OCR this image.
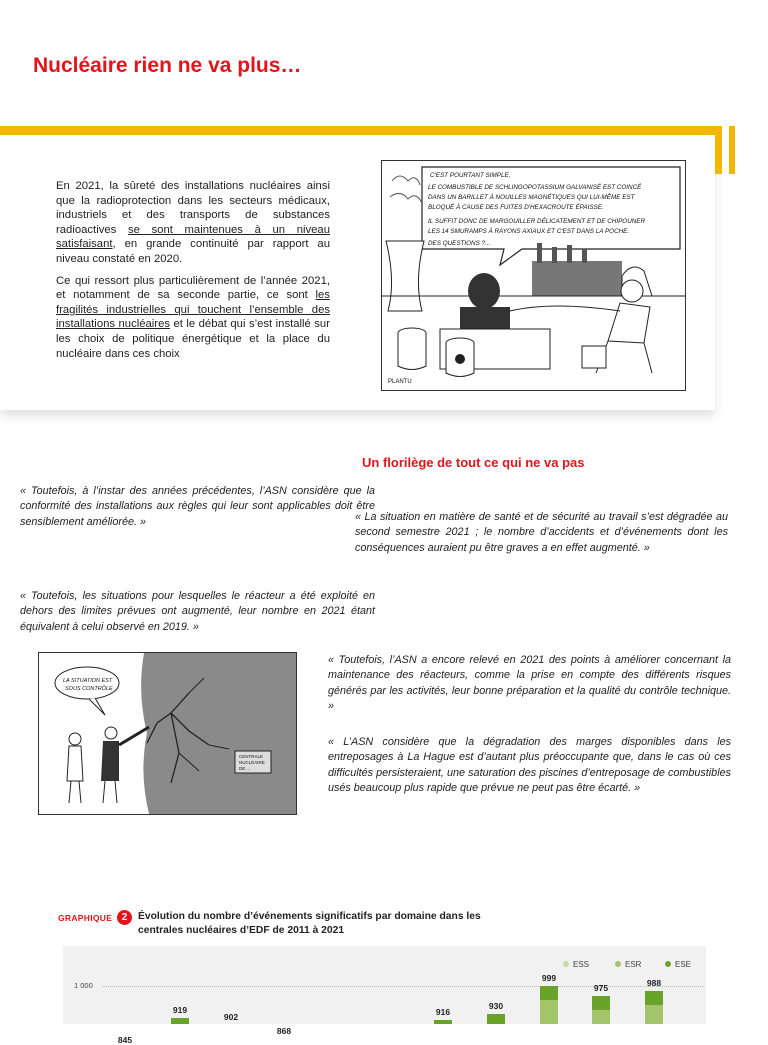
Nucléaire rien ne va plus…

En 2021, la sûreté des installations nucléaires ainsi que la radioprotection dans les secteurs médicaux, industriels et des transports de substances radioactives se sont maintenues à un niveau satisfaisant, en grande continuité par rapport au niveau constaté en 2020.

Ce qui ressort plus particulièrement de l’année 2021, et notamment de sa seconde partie, ce sont les fragilités industrielles qui touchent l’ensemble des installations nucléaires et le débat qui s’est installé sur les choix de politique énergétique et la place du nucléaire dans ces choix

C'EST POURTANT SIMPLE, LE COMBUSTIBLE DE SCHLINGOPOTASSIUM GALVANISÉ EST COINCÉ DANS UN BARILLET À NOUILLES MAGNÉTIQUES QUI LUI-MÊME EST BLOQUÉ À CAUSE DES FUITES D'HEXACROUTE ÉPAISSE. IL SUFFIT DONC DE MARGOUILLER DÉLICATEMENT ET DE CHIPOUNER LES 14 SMURAMPS À RAYONS AXIAUX ET C'EST DANS LA POCHE. DES QUESTIONS ?...
PLANTU
Un florilège de tout ce qui ne va pas
« Toutefois, à l’instar des années précédentes, l’ASN considère que la conformité des installations aux règles qui leur sont applicables doit être sensiblement améliorée. »	« La situation en matière de santé et de sécurité au travail s’est dégradée au second semestre 2021 ; le nombre d’accidents et d’événements dont les conséquences auraient pu être graves a en effet augmenté. »
« Toutefois, les situations pour lesquelles le réacteur a été exploité en dehors des limites prévues ont augmenté, leur nombre en 2021 étant équivalent à celui observé en 2019. »
« Toutefois, l’ASN a encore relevé en 2021 des points à améliorer concernant la maintenance des réacteurs, comme la prise en compte des différents risques générés par les activités, leur bonne préparation et la qualité du contrôle technique. »
« L’ASN considère que la dégradation des marges disponibles dans les entreposages à La Hague est d’autant plus préoccupante que, dans le cas où ces difficultés persisteraient, une saturation des piscines d’entreposage de combustibles usés beaucoup plus rapide que prévue ne peut pas être écarté. »
CENTRALE NUCLÉAIRE DE ...
LA SITUATION EST SOUS CONTRÔLE
GRAPHIQUE 2	Évolution du nombre d’événements significatifs par domaine dans les centrales nucléaires d’EDF de 2011 à 2021
ESS	ESR	ESE
1 000
845
919
902
868
916
930
999
975
988
